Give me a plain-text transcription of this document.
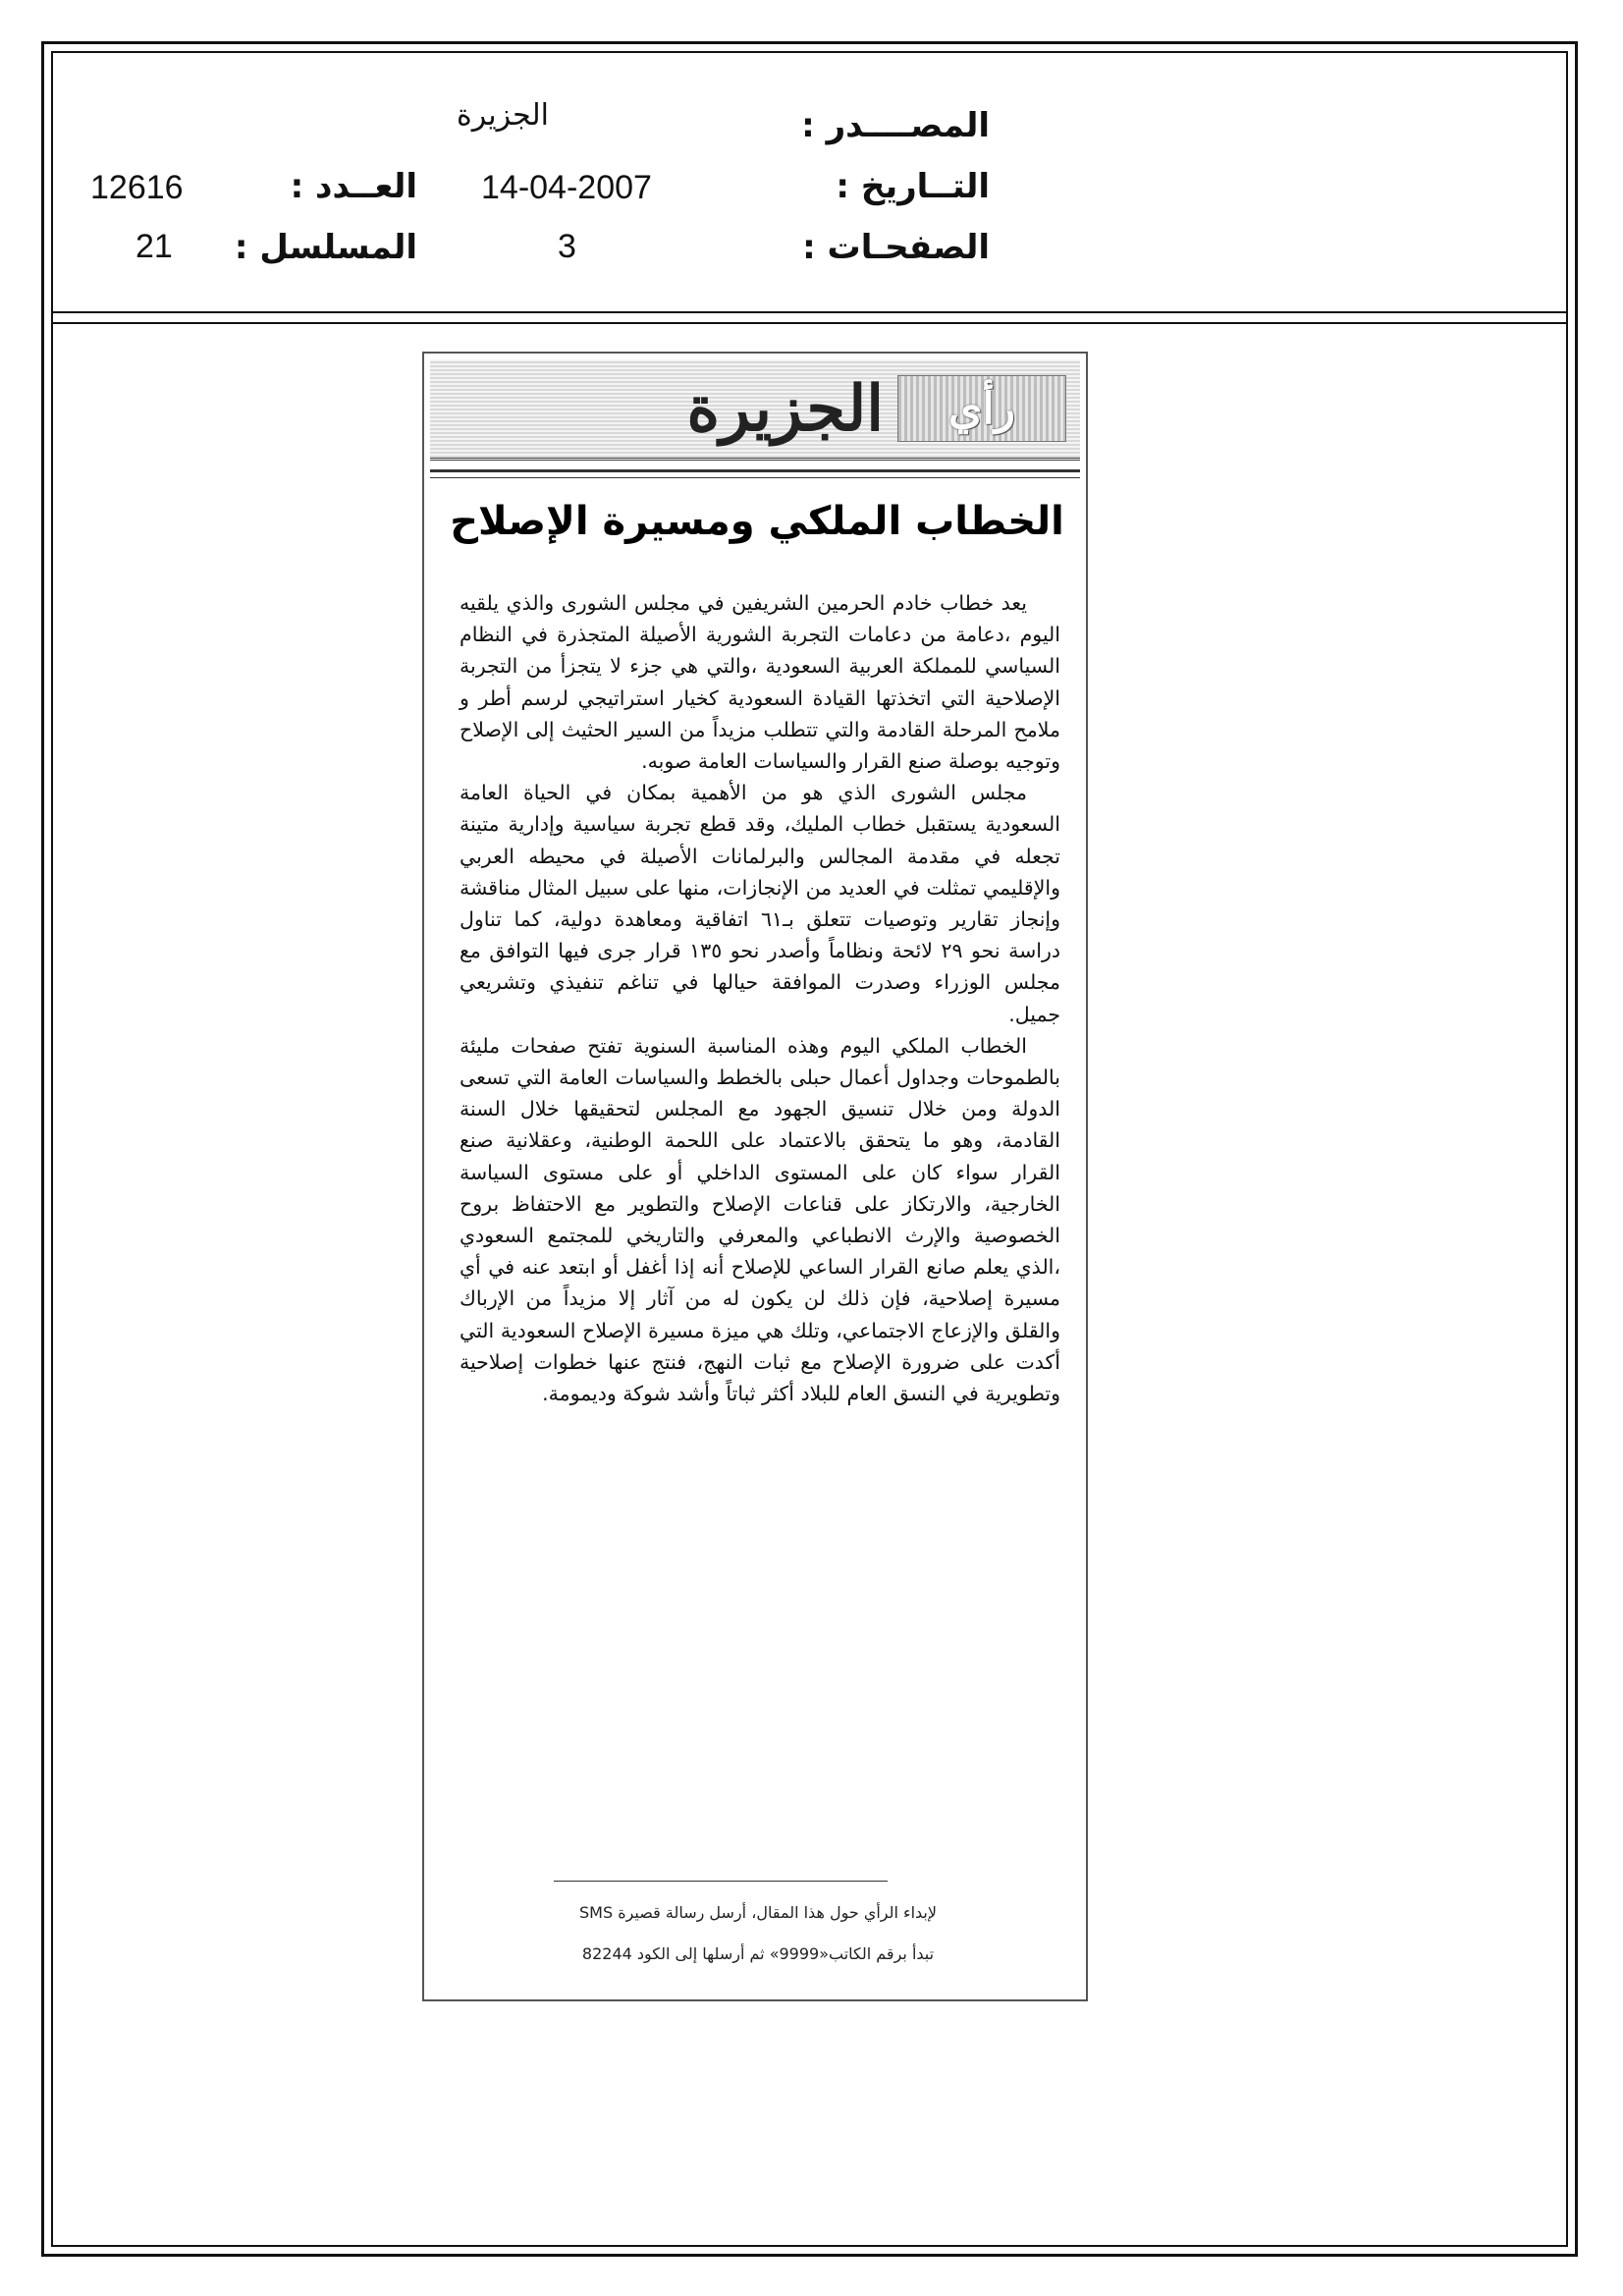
المصــــدر :
الجزيرة
التــاريخ :
14-04-2007
العــدد :
12616
الصفحـات :
3
المسلسل :
21
رأي
الجزيرة
الخطاب الملكي ومسيرة الإصلاح

يعد خطاب خادم الحرمين الشريفين في مجلس الشورى والذي يلقيه اليوم ،دعامة من دعامات التجربة الشورية الأصيلة المتجذرة في النظام السياسي للمملكة العربية السعودية ،والتي هي جزء لا يتجزأ من التجربة الإصلاحية التي اتخذتها القيادة السعودية كخيار استراتيجي لرسم أطر و ملامح المرحلة القادمة والتي تتطلب مزيداً من السير الحثيث إلى الإصلاح وتوجيه بوصلة صنع القرار والسياسات العامة صوبه.

مجلس الشورى الذي هو من الأهمية بمكان في الحياة العامة السعودية يستقبل خطاب المليك، وقد قطع تجربة سياسية وإدارية متينة تجعله في مقدمة المجالس والبرلمانات الأصيلة في محيطه العربي والإقليمي تمثلت في العديد من الإنجازات، منها على سبيل المثال مناقشة وإنجاز تقارير وتوصيات تتعلق بـ٦١ اتفاقية ومعاهدة دولية، كما تناول دراسة نحو ٢٩ لائحة ونظاماً وأصدر نحو ١٣٥ قرار جرى فيها التوافق مع مجلس الوزراء وصدرت الموافقة حيالها في تناغم تنفيذي وتشريعي جميل.

الخطاب الملكي اليوم وهذه المناسبة السنوية تفتح صفحات مليئة بالطموحات وجداول أعمال حبلى بالخطط والسياسات العامة التي تسعى الدولة ومن خلال تنسيق الجهود مع المجلس لتحقيقها خلال السنة القادمة، وهو ما يتحقق بالاعتماد على اللحمة الوطنية، وعقلانية صنع القرار سواء كان على المستوى الداخلي أو على مستوى السياسة الخارجية، والارتكاز على قناعات الإصلاح والتطوير مع الاحتفاظ بروح الخصوصية والإرث الانطباعي والمعرفي والتاريخي للمجتمع السعودي ،الذي يعلم صانع القرار الساعي للإصلاح أنه إذا أغفل أو ابتعد عنه في أي مسيرة إصلاحية، فإن ذلك لن يكون له من آثار إلا مزيداً من الإرباك والقلق والإزعاج الاجتماعي، وتلك هي ميزة مسيرة الإصلاح السعودية التي أكدت على ضرورة الإصلاح مع ثبات النهج، فنتج عنها خطوات إصلاحية وتطويرية في النسق العام للبلاد أكثر ثباتاً وأشد شوكة وديمومة.

لإبداء الرأي حول هذا المقال، أرسل رسالة قصيرة SMS
تبدأ برقم الكاتب«9999» ثم أرسلها إلى الكود 82244
